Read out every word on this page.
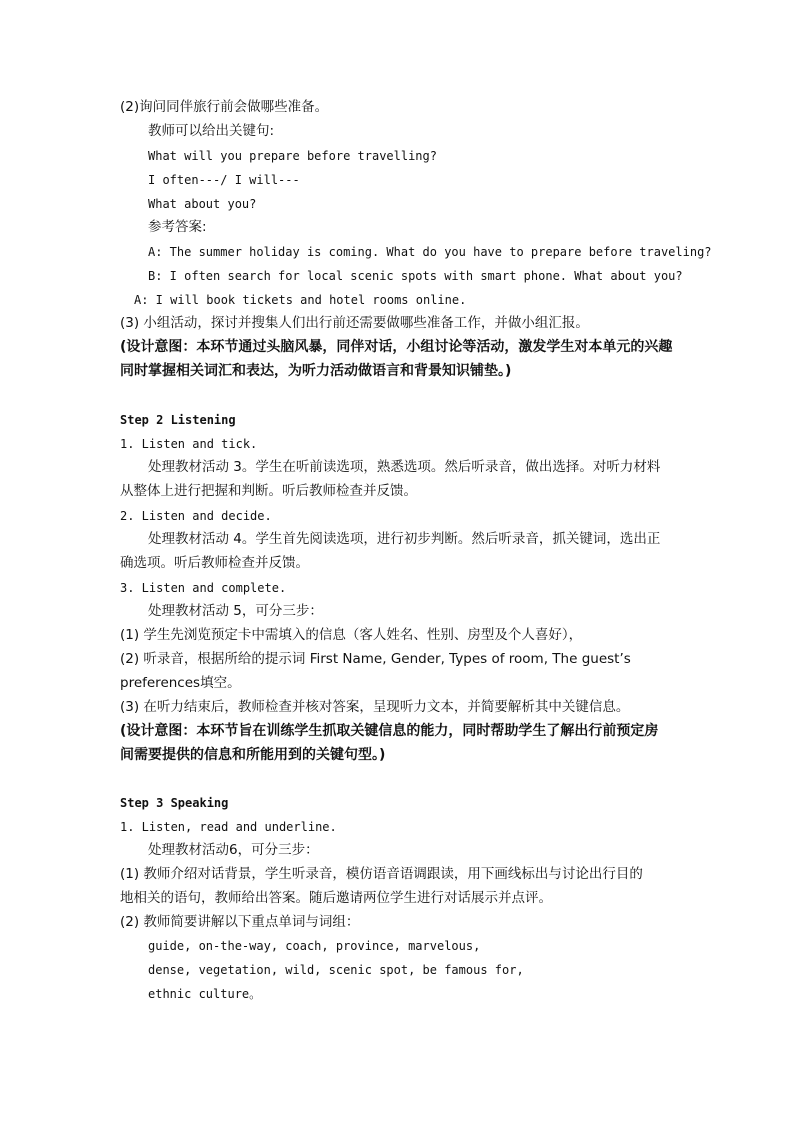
(2)询问同伴旅行前会做哪些准备。
教师可以给出关键句:
What will you prepare before travelling?
I often---/ I will---
What about you?
参考答案:
A: The summer holiday is coming. What do you have to prepare before traveling?
B: I often search for local scenic spots with smart phone. What about you?
A: I will book tickets and hotel rooms online.
(3) 小组活动，探讨并搜集人们出行前还需要做哪些准备工作，并做小组汇报。
(设计意图：本环节通过头脑风暴，同伴对话，小组讨论等活动，激发学生对本单元的兴趣
同时掌握相关词汇和表达，为听力活动做语言和背景知识铺垫。)
Step 2 Listening
1. Listen and tick.
处理教材活动 3。学生在听前读选项，熟悉选项。然后听录音，做出选择。对听力材料
从整体上进行把握和判断。听后教师检查并反馈。
2. Listen and decide.
处理教材活动 4。学生首先阅读选项，进行初步判断。然后听录音，抓关键词，选出正
确选项。听后教师检查并反馈。
3. Listen and complete.
处理教材活动 5，可分三步：
(1) 学生先浏览预定卡中需填入的信息（客人姓名、性别、房型及个人喜好），
(2) 听录音，根据所给的提示词 First Name, Gender, Types of room, The guest’s
preferences填空。
(3) 在听力结束后，教师检查并核对答案，呈现听力文本，并简要解析其中关键信息。
(设计意图：本环节旨在训练学生抓取关键信息的能力，同时帮助学生了解出行前预定房
间需要提供的信息和所能用到的关键句型。)
Step 3 Speaking
1. Listen, read and underline.
处理教材活动6，可分三步：
(1) 教师介绍对话背景，学生听录音，模仿语音语调跟读，用下画线标出与讨论出行目的
地相关的语句，教师给出答案。随后邀请两位学生进行对话展示并点评。
(2) 教师简要讲解以下重点单词与词组：
guide, on-the-way, coach, province, marvelous,
dense, vegetation, wild, scenic spot, be famous for,
ethnic culture。
